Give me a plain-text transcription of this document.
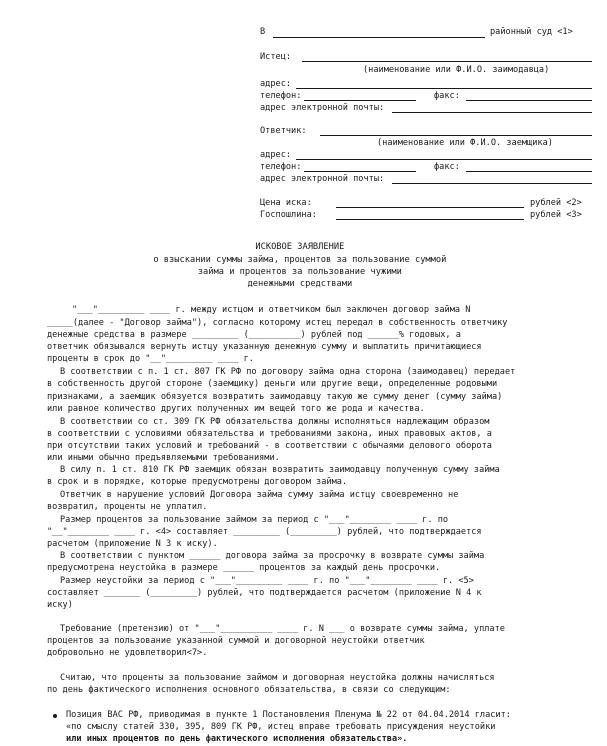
В	районный суд <1>
Истец:
(наименование или Ф.И.О. заимодавца)
адрес:
телефон:	факс:
адрес электронной почты:
Ответчик:
(наименование или Ф.И.О. заемщика)
адрес:
телефон:	факс:
адрес электронной почты:
Цена иска:	рублей <2>
Госпошлина:	рублей <3>
ИСКОВОЕ ЗАЯВЛЕНИЕ
о взыскании суммы займа, процентов за пользование суммой
займа и процентов за пользование чужими
денежными средствами
"___"_________ ____ г. между истцом и ответчиком был заключен договор займа N
_____(далее - "Договор займа"), согласно которому истец передал в собственность ответчику
денежные средства в размере _________ (__________) рублей под ______% годовых, а
ответчик обязывался вернуть истцу указанную денежную сумму и выплатить причитающиеся
проценты в срок до "__"_________ ____ г.
В соответствии с п. 1 ст. 807 ГК РФ по договору займа одна сторона (заимодавец) передает
в собственность другой стороне (заемщику) деньги или другие вещи, определенные родовыми
признаками, а заемщик обязуется возвратить заимодавцу такую же сумму денег (сумму займа)
или равное количество других полученных им вещей того же рода и качества.
В соответствии со ст. 309 ГК РФ обязательства должны исполняться надлежащим образом
в соответствии с условиями обязательства и требованиями закона, иных правовых актов, а
при отсутствии таких условий и требований - в соответствии с обычаями делового оборота
или иными обычно предъявляемыми требованиями.
В силу п. 1 ст. 810 ГК РФ заемщик обязан возвратить заимодавцу полученную сумму займа
в срок и в порядке, которые предусмотрены договором займа.
Ответчик в нарушение условий Договора займа сумму займа истцу своевременно не
возвратил, проценты не уплатил.
Размер процентов за пользование займом за период с "___"________ ____ г. по
"__"________ ____ г. <4> составляет _________ (_________) рублей, что подтверждается
расчетом (приложение N 3 к иску).
В соответствии с пунктом ______ договора займа за просрочку в возврате суммы займа
предусмотрена неустойка в размере ______ процентов за каждый день просрочки.
Размер неустойки за период с "___"_________ ____ г. по "___"________ ____ г. <5>
составляет _______ (_________) рублей, что подтверждается расчетом (приложение N 4 к
иску)
Требование (претензию) от "___"__________ ____ г. N ___ о возврате суммы займа, уплате
процентов за пользование указанной суммой и договорной неустойки ответчик
добровольно не удовлетворил<7>.
Считаю, что проценты за пользование займом и договорная неустойка должны начисляться
по день фактического исполнения основного обязательства, в связи со следующим:
Позиция ВАС РФ, приводимая в пункте 1 Постановления Пленума № 22 от 04.04.2014 гласит:
«по смыслу статей 330, 395, 809 ГК РФ, истец вправе требовать присуждения неустойки
или иных процентов по день фактического исполнения обязательства».
